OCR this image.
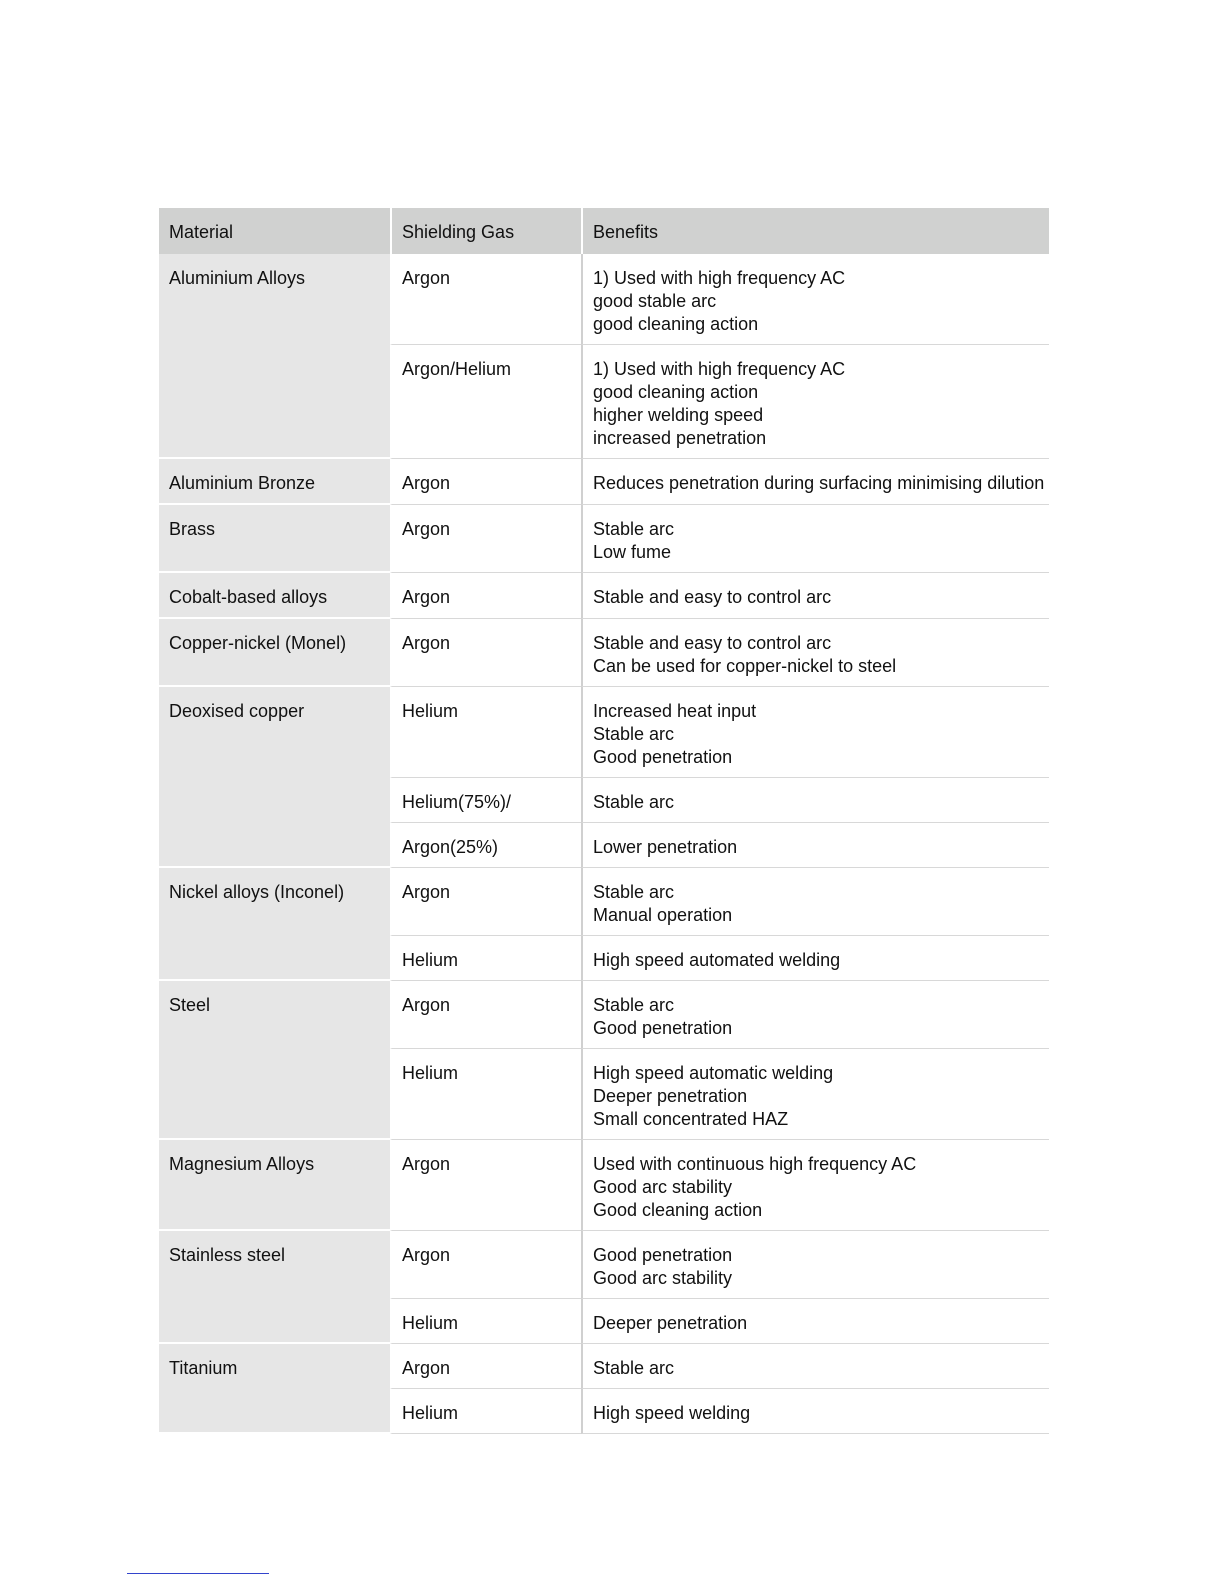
Material	Shielding Gas	Benefits
Aluminium Alloys	Argon	1) Used with high frequency AC
good stable arc
good cleaning action

	Argon/Helium	1) Used with high frequency AC
good cleaning action
higher welding speed
increased penetration

Aluminium Bronze	Argon	Reduces penetration during surfacing minimising dilution

Brass	Argon	Stable arc
Low fume

Cobalt-based alloys	Argon	Stable and easy to control arc

Copper-nickel (Monel)	Argon	Stable and easy to control arc
Can be used for copper-nickel to steel

Deoxised copper	Helium	Increased heat input
Stable arc
Good penetration

	Helium(75%)/	Stable arc

	Argon(25%)	Lower penetration

Nickel alloys (Inconel)	Argon	Stable arc
Manual operation

	Helium	High speed automated welding

Steel	Argon	Stable arc
Good penetration

	Helium	High speed automatic welding
Deeper penetration
Small concentrated HAZ

Magnesium Alloys	Argon	Used with continuous high frequency AC
Good arc stability
Good cleaning action

Stainless steel	Argon	Good penetration
Good arc stability

	Helium	Deeper penetration

Titanium	Argon	Stable arc

	Helium	High speed welding
